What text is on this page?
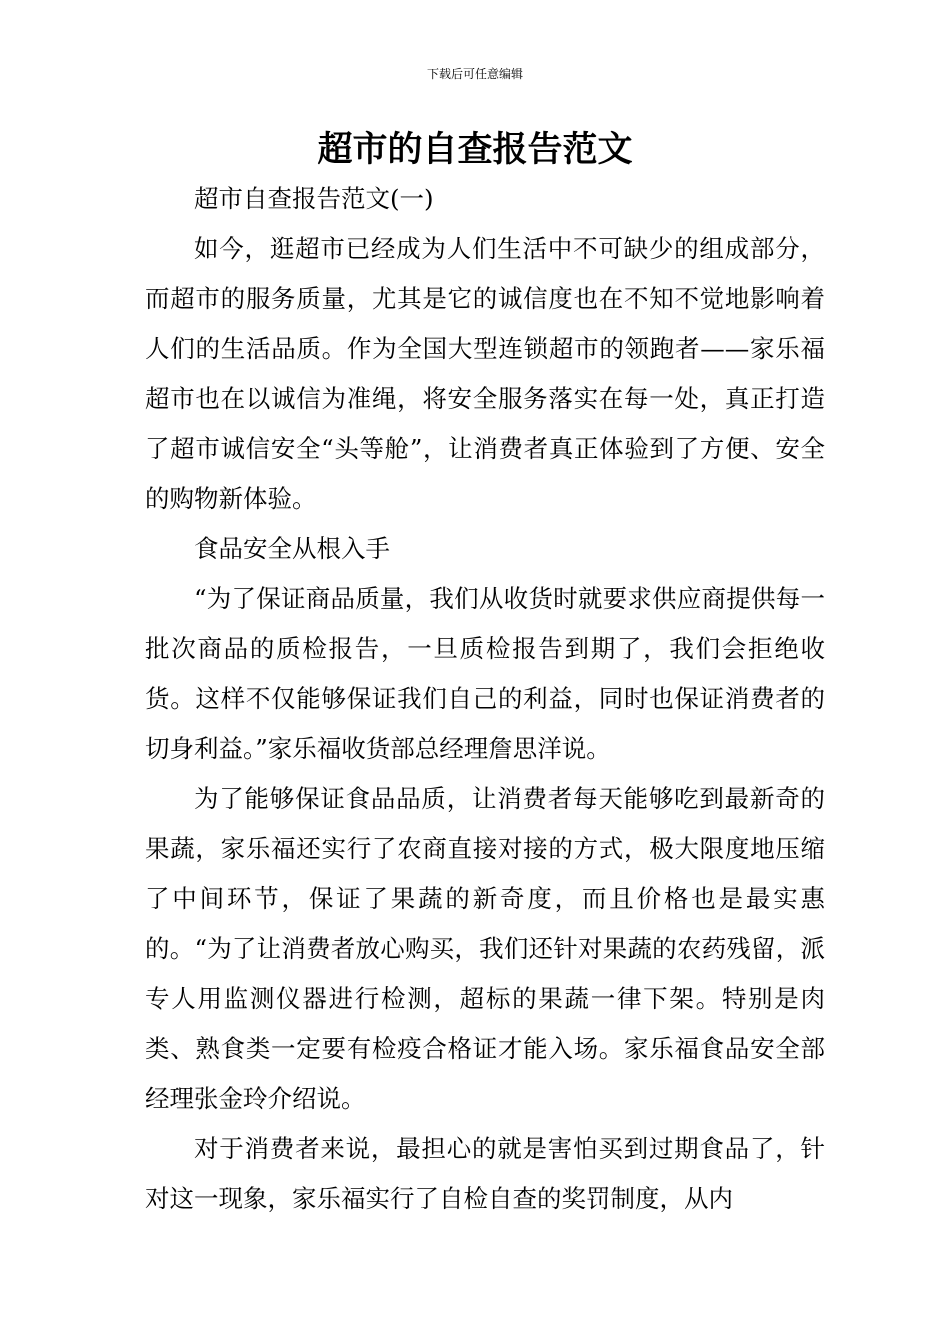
下载后可任意编辑
超市的自查报告范文

超市自查报告范文(一)

如今，逛超市已经成为人们生活中不可缺少的组成部分，而超市的服务质量，尤其是它的诚信度也在不知不觉地影响着人们的生活品质。作为全国大型连锁超市的领跑者——家乐福超市也在以诚信为准绳，将安全服务落实在每一处，真正打造了超市诚信安全“头等舱”，让消费者真正体验到了方便、安全的购物新体验。

食品安全从根入手

“为了保证商品质量，我们从收货时就要求供应商提供每一批次商品的质检报告，一旦质检报告到期了，我们会拒绝收货。这样不仅能够保证我们自己的利益，同时也保证消费者的切身利益。”家乐福收货部总经理詹思洋说。

为了能够保证食品品质，让消费者每天能够吃到最新奇的果蔬，家乐福还实行了农商直接对接的方式，极大限度地压缩了中间环节，保证了果蔬的新奇度，而且价格也是最实惠的。“为了让消费者放心购买，我们还针对果蔬的农药残留，派专人用监测仪器进行检测，超标的果蔬一律下架。特别是肉类、熟食类一定要有检疫合格证才能入场。家乐福食品安全部经理张金玲介绍说。

对于消费者来说，最担心的就是害怕买到过期食品了，针对这一现象，家乐福实行了自检自查的奖罚制度，从内
